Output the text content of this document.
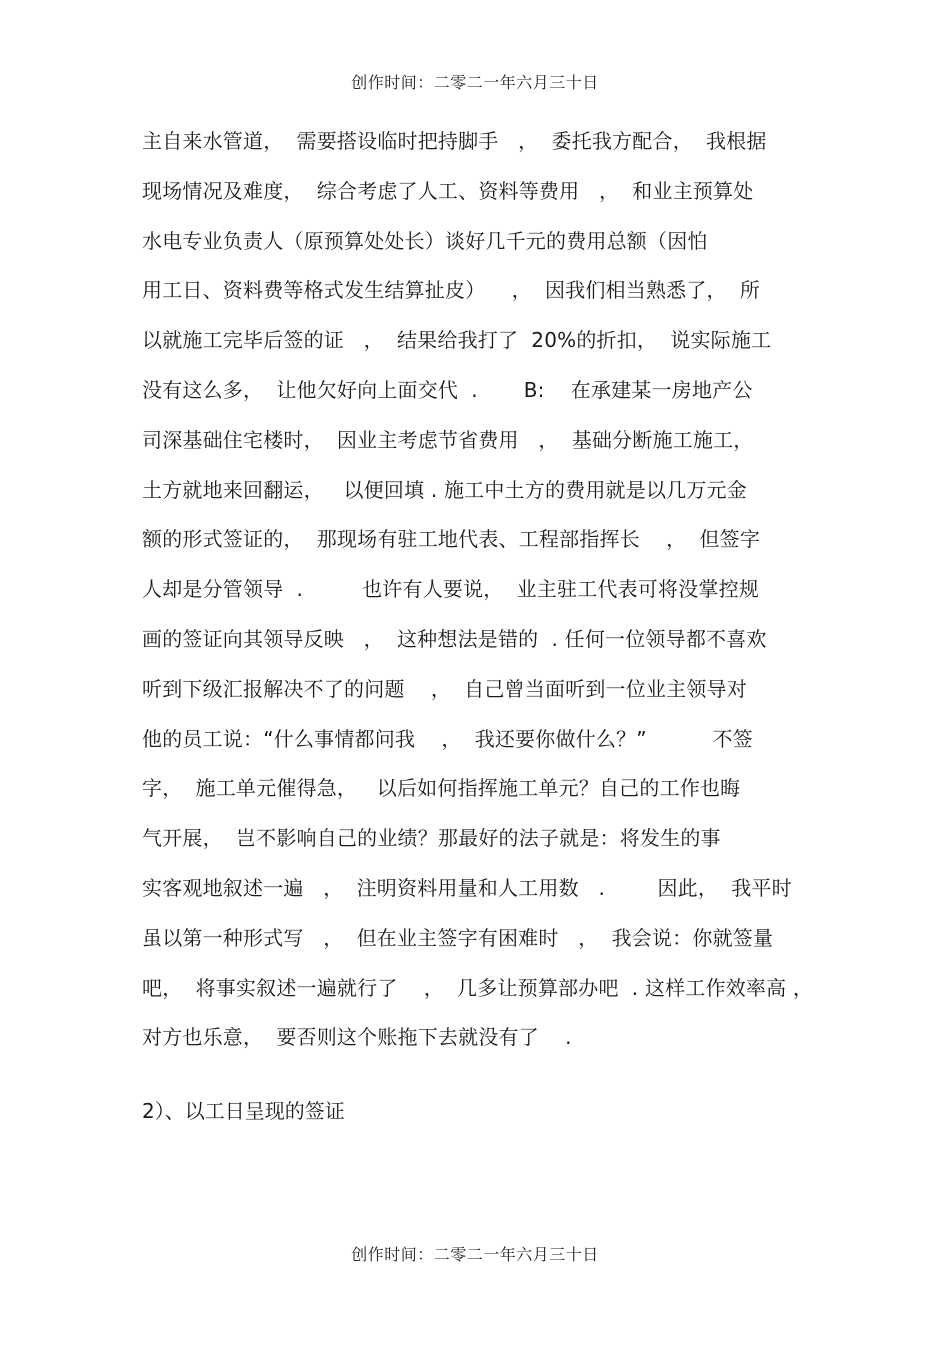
创作时间：二零二一年六月三十日
主自来水管道，  需要搭设临时把持脚手   ，  委托我方配合，  我根据
现场情况及难度，  综合考虑了人工、资料等费用   ，  和业主预算处
水电专业负责人（原预算处处长）谈好几千元的费用总额（因怕
用工日、资料费等格式发生结算扯皮）    ，  因我们相当熟悉了，  所
以就施工完毕后签的证   ，  结果给我打了  20%的折扣，  说实际施工
没有这么多，  让他欠好向上面交代  .       B:    在承建某一房地产公
司深基础住宅楼时，  因业主考虑节省费用   ，  基础分断施工施工，
土方就地来回翻运，   以便回填 . 施工中土方的费用就是以几万元金
额的形式签证的，  那现场有驻工地代表、工程部指挥长    ，  但签字
人却是分管领导  .         也许有人要说，  业主驻工代表可将没掌控规
画的签证向其领导反映   ，  这种想法是错的  . 任何一位领导都不喜欢
听到下级汇报解决不了的问题    ，  自己曾当面听到一位业主领导对
他的员工说：“什么事情都问我    ，  我还要你做什么？”          不签
字，  施工单元催得急，   以后如何指挥施工单元？自己的工作也晦
气开展，  岂不影响自己的业绩？那最好的法子就是：将发生的事
实客观地叙述一遍   ，  注明资料用量和人工用数   .        因此，  我平时
虽以第一种形式写   ，  但在业主签字有困难时   ，  我会说：你就签量
吧，  将事实叙述一遍就行了    ，  几多让预算部办吧  . 这样工作效率高 ，
对方也乐意，  要否则这个账拖下去就没有了    .
2）、以工日呈现的签证
创作时间：二零二一年六月三十日
